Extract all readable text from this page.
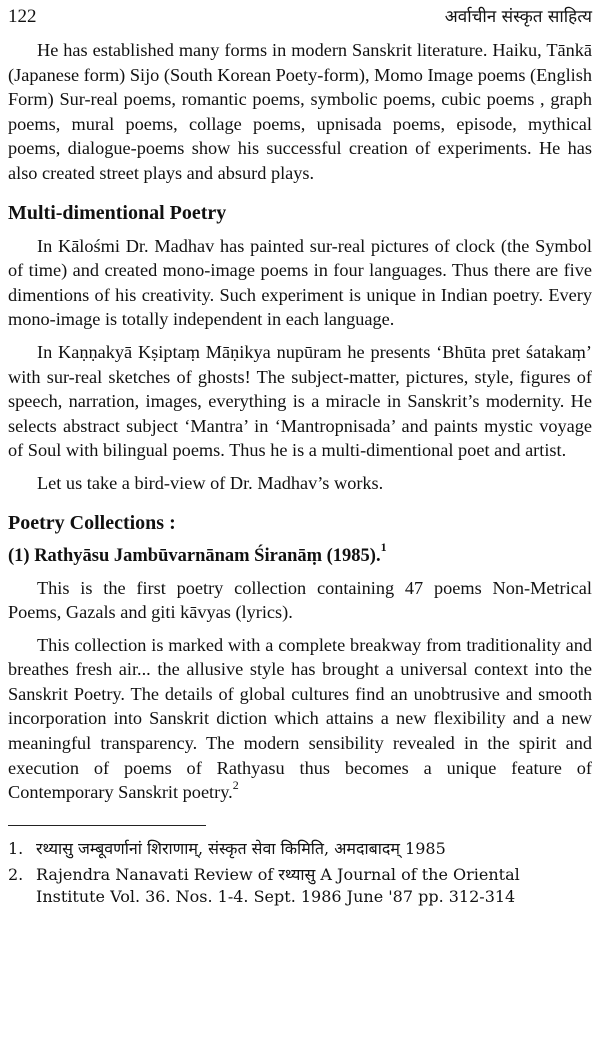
122	अर्वाचीन संस्कृत साहित्य

He has established many forms in modern Sanskrit literature. Haiku, Tānkā (Japanese form) Sijo (South Korean Poety-form), Momo Image poems (English Form) Sur-real poems, romantic poems, symbolic poems, cubic poems , graph poems, mural poems, collage poems, upnisada poems, episode, mythical poems, dialogue-poems show his successful creation of experiments. He has also created street plays and absurd plays.

Multi-dimentional Poetry

In Kālośmi Dr. Madhav has painted sur-real pictures of clock (the Symbol of time) and created mono-image poems in four languages. Thus there are five dimentions of his creativity. Such experiment is unique in Indian poetry. Every mono-image is totally independent in each language.

In Kaṇṇakyā Kṣiptaṃ Māṇikya nupūram he presents ‘Bhūta pret śatakaṃ’ with sur-real sketches of ghosts! The subject-matter, pictures, style, figures of speech, narration, images, everything is a miracle in Sanskrit’s modernity. He selects abstract subject ‘Mantra’ in ‘Mantropnisada’ and paints mystic voyage of Soul with bilingual poems. Thus he is a multi-dimentional poet and artist.

Let us take a bird-view of Dr. Madhav’s works.

Poetry Collections :
(1) Rathyāsu Jambūvarnānam Śiranāṃ (1985).$^1$

This is the first poetry collection containing 47 poems Non-Metrical Poems, Gazals and giti kāvyas (lyrics).

This collection is marked with a complete breakway from traditionality and breathes fresh air... the allusive style has brought a universal context into the Sanskrit Poetry. The details of global cultures find an unobtrusive and smooth incorporation into Sanskrit diction which attains a new flexibility and a new meaningful transparency. The modern sensibility revealed in the spirit and execution of poems of Rathyasu thus becomes a unique feature of Contemporary Sanskrit poetry.$^2$

1. रथ्यासु जम्बूवर्णानां शिराणाम्, संस्कृत सेवा किमिति, अमदाबादम् 1985
2. Rajendra Nanavati Review of रथ्यासु A Journal of the Oriental Institute Vol. 36. Nos. 1-4. Sept. 1986 June '87 pp. 312-314
